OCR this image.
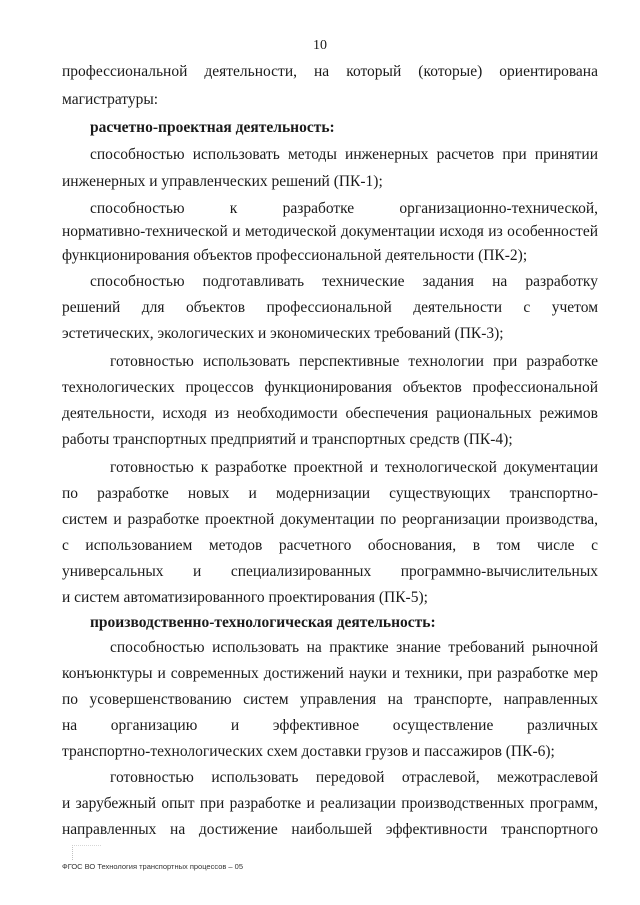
10
профессиональной деятельности, на который (которые) ориентирована
магистратуры:
расчетно-проектная деятельность:
способностью использовать методы инженерных расчетов при принятии
инженерных и управленческих решений (ПК-1);
способностью к разработке организационно-технической,
нормативно-технической и методической документации исходя из особенностей
функционирования объектов профессиональной деятельности (ПК-2);
способностью подготавливать технические задания на разработку
решений для объектов профессиональной деятельности с учетом
эстетических, экологических и экономических требований (ПК-3);
готовностью использовать перспективные технологии при разработке
технологических процессов функционирования объектов профессиональной
деятельности, исходя из необходимости обеспечения рациональных режимов
работы транспортных предприятий и транспортных средств (ПК-4);
готовностью к разработке проектной и технологической документации
по разработке новых и модернизации существующих транспортно-
систем и разработке проектной документации по реорганизации производства,
с использованием методов расчетного обоснования, в том числе с
универсальных и специализированных программно-вычислительных
и систем автоматизированного проектирования (ПК-5);
производственно-технологическая деятельность:
способностью использовать на практике знание требований рыночной
конъюнктуры и современных достижений науки и техники, при разработке мер
по усовершенствованию систем управления на транспорте, направленных
на организацию и эффективное осуществление различных
транспортно-технологических схем доставки грузов и пассажиров (ПК-6);
готовностью использовать передовой отраслевой, межотраслевой
и зарубежный опыт при разработке и реализации производственных программ,
направленных на достижение наибольшей эффективности транспортного
ФГОС ВО Технология транспортных процессов – 05
